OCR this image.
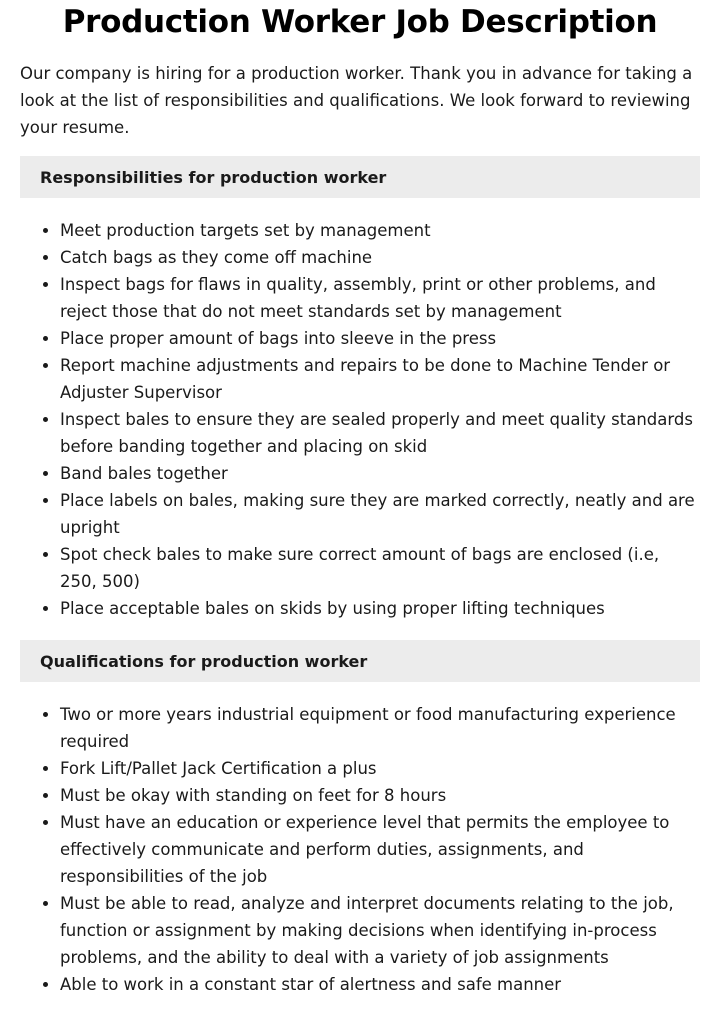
Production Worker Job Description

Our company is hiring for a production worker. Thank you in advance for taking a look at the list of responsibilities and qualifications. We look forward to reviewing your resume.

Responsibilities for production worker
Meet production targets set by management
Catch bags as they come off machine
Inspect bags for flaws in quality, assembly, print or other problems, and reject those that do not meet standards set by management
Place proper amount of bags into sleeve in the press
Report machine adjustments and repairs to be done to Machine Tender or Adjuster Supervisor
Inspect bales to ensure they are sealed properly and meet quality standards before banding together and placing on skid
Band bales together
Place labels on bales, making sure they are marked correctly, neatly and are upright
Spot check bales to make sure correct amount of bags are enclosed (i.e, 250, 500)
Place acceptable bales on skids by using proper lifting techniques
Qualifications for production worker
Two or more years industrial equipment or food manufacturing experience required
Fork Lift/Pallet Jack Certification a plus
Must be okay with standing on feet for 8 hours
Must have an education or experience level that permits the employee to effectively communicate and perform duties, assignments, and responsibilities of the job
Must be able to read, analyze and interpret documents relating to the job, function or assignment by making decisions when identifying in-process problems, and the ability to deal with a variety of job assignments
Able to work in a constant star of alertness and safe manner
